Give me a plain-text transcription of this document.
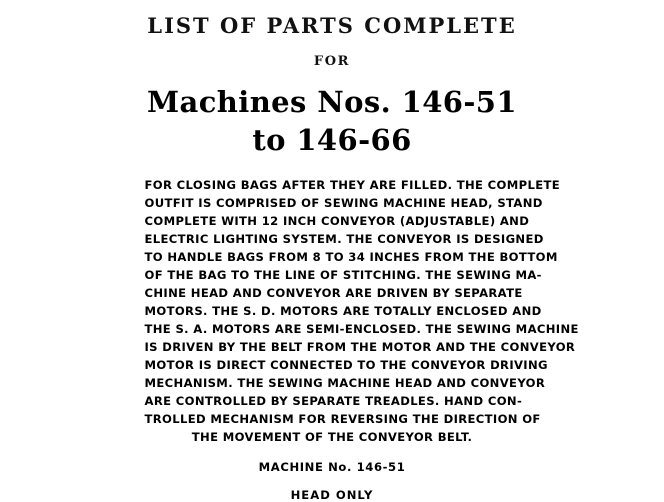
LIST OF PARTS COMPLETE
FOR
Machines Nos. 146-51
to 146-66
FOR CLOSING BAGS AFTER THEY ARE FILLED. THE COMPLETE
OUTFIT IS COMPRISED OF SEWING MACHINE HEAD, STAND
COMPLETE WITH 12 INCH CONVEYOR (ADJUSTABLE) AND
ELECTRIC LIGHTING SYSTEM. THE CONVEYOR IS DESIGNED
TO HANDLE BAGS FROM 8 TO 34 INCHES FROM THE BOTTOM
OF THE BAG TO THE LINE OF STITCHING. THE SEWING MA-
CHINE HEAD AND CONVEYOR ARE DRIVEN BY SEPARATE
MOTORS. THE S. D. MOTORS ARE TOTALLY ENCLOSED AND
THE S. A. MOTORS ARE SEMI-ENCLOSED. THE SEWING MACHINE
IS DRIVEN BY THE BELT FROM THE MOTOR AND THE CONVEYOR
MOTOR IS DIRECT CONNECTED TO THE CONVEYOR DRIVING
MECHANISM. THE SEWING MACHINE HEAD AND CONVEYOR
ARE CONTROLLED BY SEPARATE TREADLES. HAND CON-
TROLLED MECHANISM FOR REVERSING THE DIRECTION OF
THE MOVEMENT OF THE CONVEYOR BELT.
MACHINE No. 146-51
HEAD ONLY
